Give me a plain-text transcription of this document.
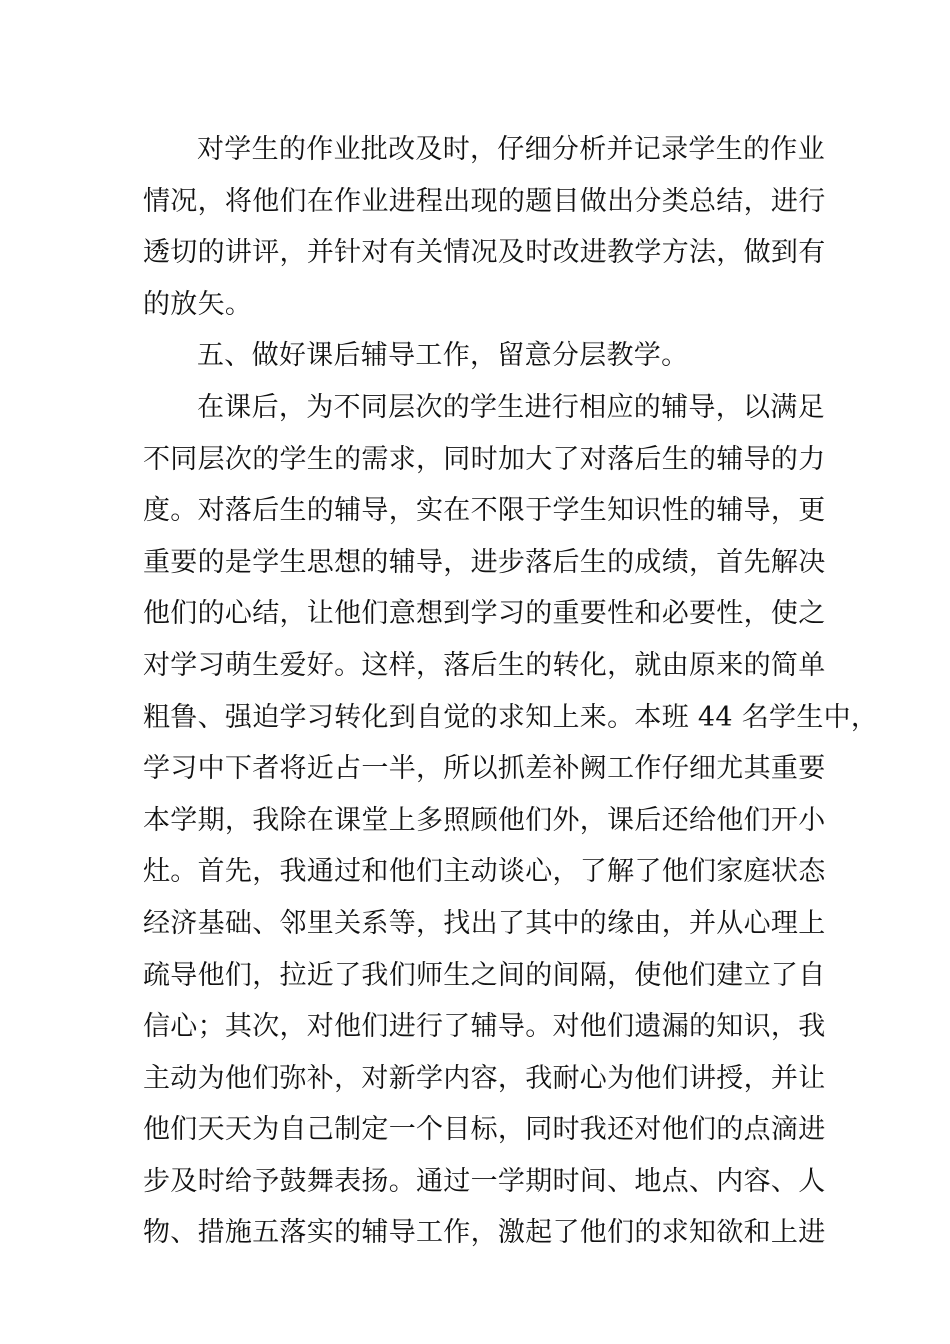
对学生的作业批改及时，仔细分析并记录学生的作业
情况，将他们在作业进程出现的题目做出分类总结，进行
透切的讲评，并针对有关情况及时改进教学方法，做到有
的放矢。
五、做好课后辅导工作，留意分层教学。
在课后，为不同层次的学生进行相应的辅导，以满足
不同层次的学生的需求，同时加大了对落后生的辅导的力
度。对落后生的辅导，实在不限于学生知识性的辅导，更
重要的是学生思想的辅导，进步落后生的成绩，首先解决
他们的心结，让他们意想到学习的重要性和必要性，使之
对学习萌生爱好。这样，落后生的转化，就由原来的简单
粗鲁、强迫学习转化到自觉的求知上来。本班 44 名学生中，
学习中下者将近占一半，所以抓差补阙工作仔细尤其重要
本学期，我除在课堂上多照顾他们外，课后还给他们开小
灶。首先，我通过和他们主动谈心，了解了他们家庭状态
经济基础、邻里关系等，找出了其中的缘由，并从心理上
疏导他们，拉近了我们师生之间的间隔，使他们建立了自
信心；其次，对他们进行了辅导。对他们遗漏的知识，我
主动为他们弥补，对新学内容，我耐心为他们讲授，并让
他们天天为自己制定一个目标，同时我还对他们的点滴进
步及时给予鼓舞表扬。通过一学期时间、地点、内容、人
物、措施五落实的辅导工作，激起了他们的求知欲和上进
